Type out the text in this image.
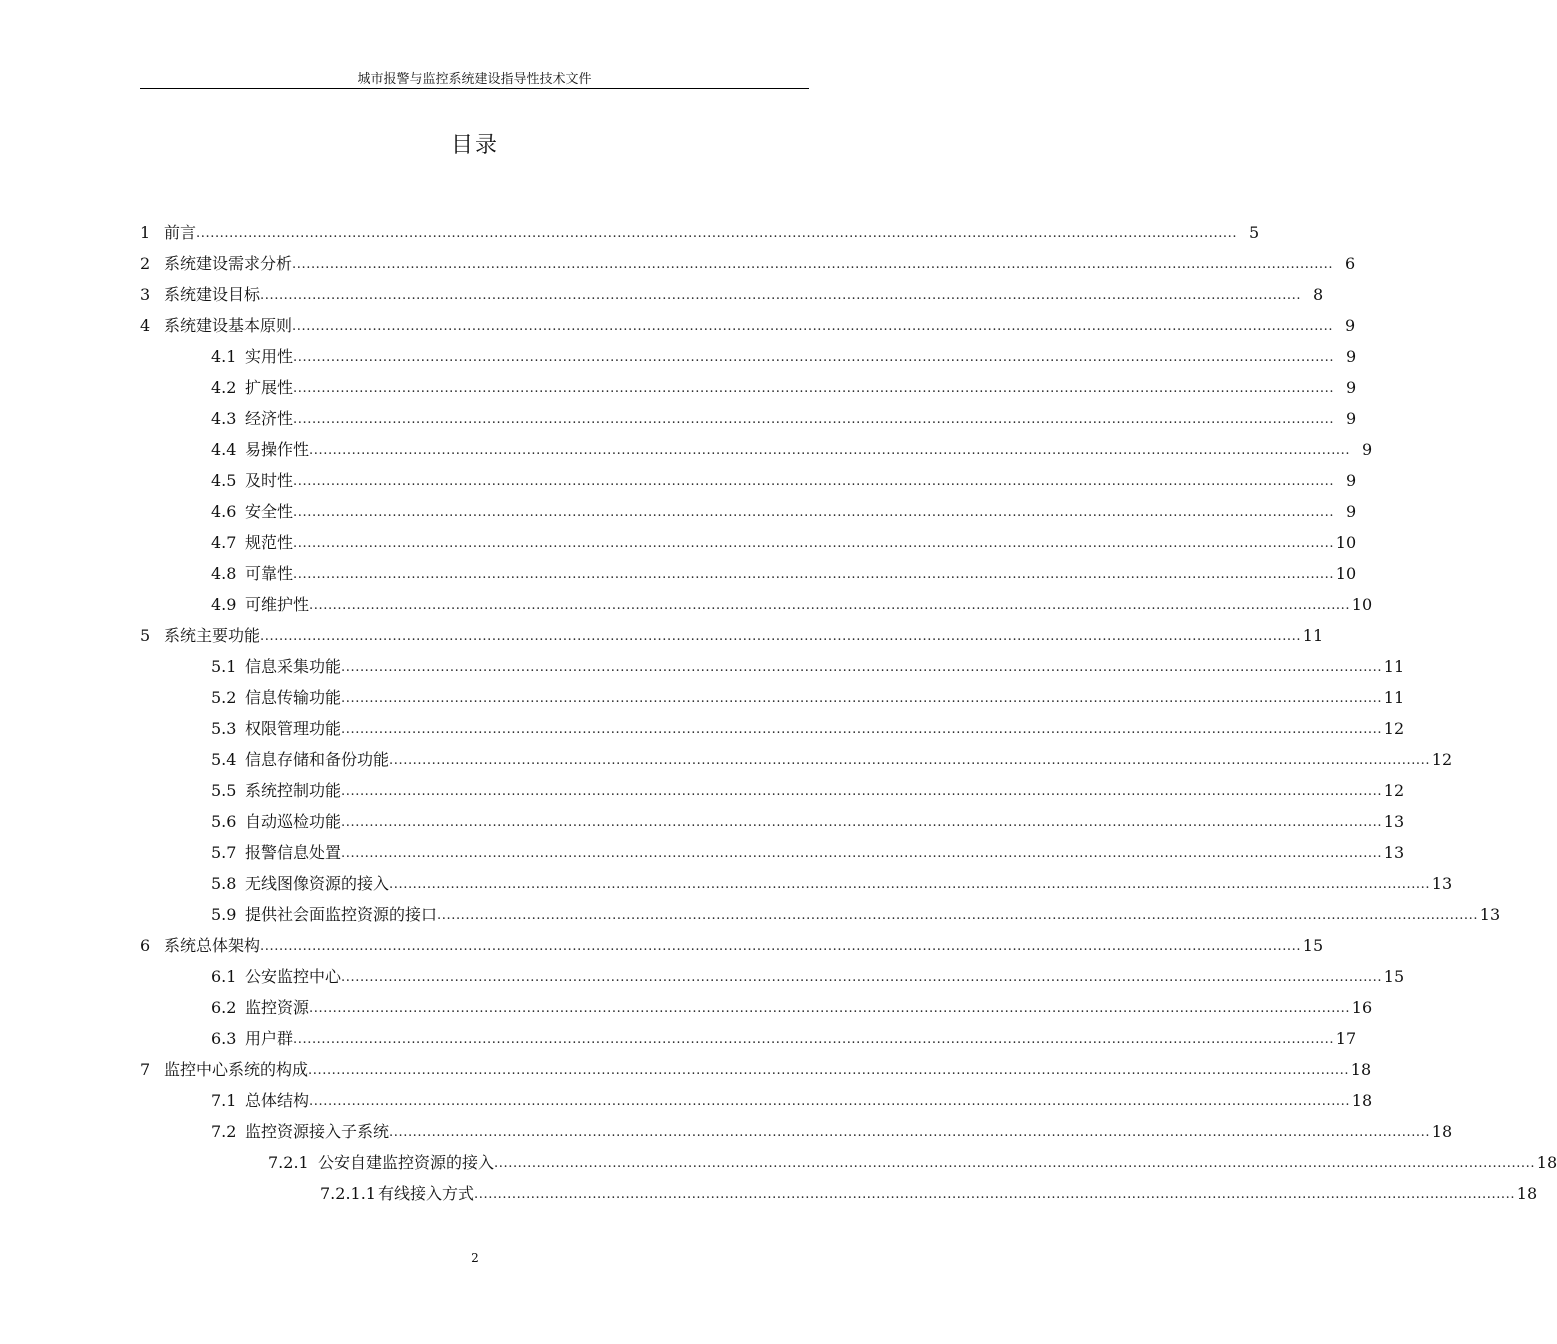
城市报警与监控系统建设指导性技术文件
目录
1 前言 ............................................................................................................................................................................................................................ 5
2 系统建设需求分析 ............................................................................................................................................................................................................................ 6
3 系统建设目标 ............................................................................................................................................................................................................................ 8
4 系统建设基本原则 ............................................................................................................................................................................................................................ 9
4.1 实用性 ............................................................................................................................................................................................................................ 9
4.2 扩展性 ............................................................................................................................................................................................................................ 9
4.3 经济性 ............................................................................................................................................................................................................................ 9
4.4 易操作性 ............................................................................................................................................................................................................................ 9
4.5 及时性 ............................................................................................................................................................................................................................ 9
4.6 安全性 ............................................................................................................................................................................................................................ 9
4.7 规范性 ............................................................................................................................................................................................................................ 10
4.8 可靠性 ............................................................................................................................................................................................................................ 10
4.9 可维护性 ............................................................................................................................................................................................................................ 10
5 系统主要功能 ............................................................................................................................................................................................................................ 11
5.1 信息采集功能 ............................................................................................................................................................................................................................ 11
5.2 信息传输功能 ............................................................................................................................................................................................................................ 11
5.3 权限管理功能 ............................................................................................................................................................................................................................ 12
5.4 信息存储和备份功能 ............................................................................................................................................................................................................................ 12
5.5 系统控制功能 ............................................................................................................................................................................................................................ 12
5.6 自动巡检功能 ............................................................................................................................................................................................................................ 13
5.7 报警信息处置 ............................................................................................................................................................................................................................ 13
5.8 无线图像资源的接入 ............................................................................................................................................................................................................................ 13
5.9 提供社会面监控资源的接口 ............................................................................................................................................................................................................................ 13
6 系统总体架构 ............................................................................................................................................................................................................................ 15
6.1 公安监控中心 ............................................................................................................................................................................................................................ 15
6.2 监控资源 ............................................................................................................................................................................................................................ 16
6.3 用户群 ............................................................................................................................................................................................................................ 17
7 监控中心系统的构成 ............................................................................................................................................................................................................................ 18
7.1 总体结构 ............................................................................................................................................................................................................................ 18
7.2 监控资源接入子系统 ............................................................................................................................................................................................................................ 18
7.2.1 公安自建监控资源的接入 ............................................................................................................................................................................................................................ 18
7.2.1.1 有线接入方式 ............................................................................................................................................................................................................................ 18
2
